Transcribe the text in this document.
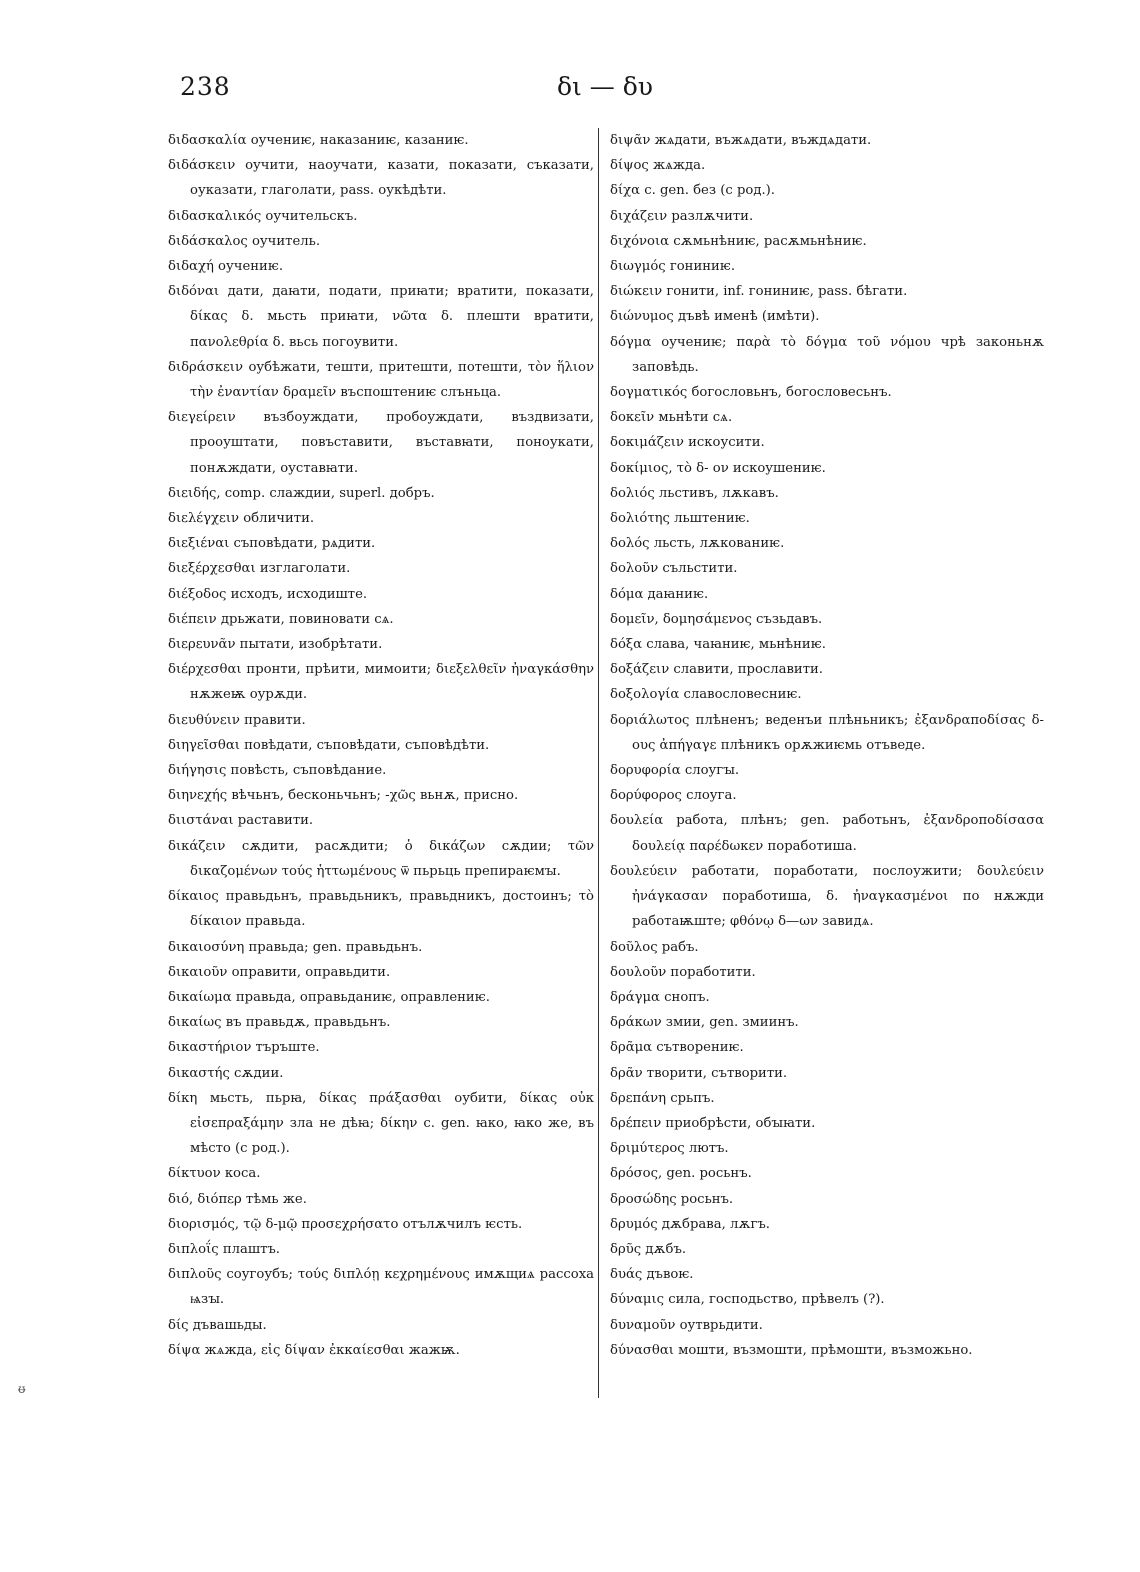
238	δι — δυ
διδασκαλία оучениѥ, наказаниѥ, казаниѥ.
διδάσκειν оучити, наоучати, казати, показати, съказати, оуказати, глаголати, pass. оукѣдѣти.
διδασκαλικός оучительскъ.
διδάσκαλος оучитель.
διδαχή оучениѥ.
διδόναι дати, даꙗти, подати, приꙗти; вратити, показати, δίκας δ. мьсть приꙗти, νῶτα δ. плешти вратити, πανολεθρία δ. вьсь погоувити.
διδράσκειν оубѣжати, тешти, притешти, потешти, τὸν ἥλιον τὴν ἐναντίαν δραμεῖν въспоштениѥ слъньца.
διεγείρειν възбоуждати, пробоуждати, въздвизати, прооуштати, повъставити, въставꙗти, поноукати, понѫждати, оуставꙗти.
διειδής, comp. слаждии, superl. добръ.
διελέγχειν обличити.
διεξιέναι съповѣдати, рѧдити.
διεξέρχεσθαι изглаголати.
διέξοδος исходъ, исходиште.
διέπειν дрьжати, повиновати сѧ.
διερευνᾶν пытати, изобрѣтати.
διέρχεσθαι пронти, прѣити, мимоити; διεξελθεῖν ἠναγκάσθην нѫжеѭ оурѫди.
διευθύνειν правити.
διηγεῖσθαι повѣдати, съповѣдати, съповѣдѣти.
διήγησις повѣсть, съповѣдание.
διηνεχής вѣчьнъ, бесконьчьнъ; -χῶς вьнѫ, присно.
διιστάναι раставити.
δικάζειν сѫдити, расѫдити; ὁ δικάζων сѫдии; τῶν δικαζομένων τούς ἡττωμένους ѿ пьрьць препираѥмꙑ.
δίκαιος правьдьнъ, правьдьникъ, правьдникъ, достоинъ; τὸ δίκαιον правьда.
δικαιοσύνη правьда; gen. правьдьнъ.
δικαιοῦν оправити, оправьдити.
δικαίωμα правьда, оправьданиѥ, оправлениѥ.
δικαίως въ правьдѫ, правьдьнъ.
δικαστήριον търъште.
δικαστής сѫдии.
δίκη мьсть, пьрꙗ, δίκας πράξασθαι оубити, δίκας οὐκ εἰσεπραξάμην зла не дѣꙗ; δίκην c. gen. ꙗко, ꙗко же, въ мѣсто (с род.).
δίκτυον коса.
διό, διόπερ тѣмь же.
διορισμός, τῷ δ-μῷ προσεχρήσατο отълѫчилъ ѥсть.
διπλοΐς плаштъ.
διπλοῦς соугоубъ; τούς διπλόῃ κεχρημένους имѫщиѧ рассоха ѩзꙑ.
δίς дъвашьды.
δίψα жѧжда, εἰς δίψαν ἐκκαίεσθαι жажѭ.
διψᾶν жѧдати, въжѧдати, въждѧдати.
δίψος жѧжда.
δίχα c. gen. без (с род.).
διχάζειν разлѫчити.
διχόνοια сѫмьнѣниѥ, расѫмьнѣниѥ.
διωγμός гониниѥ.
διώκειν гонити, inf. гониниѥ, pass. бѣгати.
διώνυμος дъвѣ именѣ (имѣти).
δόγμα оучениѥ; παρὰ τὸ δόγμα τοῦ νόμου чрѣ законьнѫ заповѣдь.
δογματικός богословьнъ, богословесьнъ.
δοκεῖν мьнѣти сѧ.
δοκιμάζειν искоусити.
δοκίμιος, τὸ δ- ον искоушениѥ.
δολιός льстивъ, лѫкавъ.
δολιότης льштениѥ.
δολός льсть, лѫкованиѥ.
δολοῦν съльстити.
δόμα даꙗниѥ.
δομεῖν, δομησάμενος съзьдавъ.
δόξα слава, чаꙗниѥ, мьнѣниѥ.
δοξάζειν славити, прославити.
δοξολογία славословесниѥ.
δοριάλωτος плѣненъ; веденъи плѣньникъ; ἐξανδραποδίσας δ-ους ἀπήγαγε плѣникъ орѫжиѥмь отъведе.
δορυφορία слоугꙑ.
δορύφορος слоуга.
δουλεία работа, плѣнъ; gen. работьнъ, ἐξανδροποδίσασα δουλείᾳ παρέδωκεν поработиша.
δουλεύειν работати, поработати, послоужити; δουλεύειν ἠνάγκασαν поработиша, δ. ἠναγκασμένοι по нѫжди работаѭште; φθόνῳ δ—ων завидѧ.
δοῦλος рабъ.
δουλοῦν поработити.
δράγμα снопъ.
δράκων змии, gen. змиинъ.
δρᾶμα сътворениѥ.
δρᾶν творити, сътворити.
δρεπάνη срьпъ.
δρέπειν приобрѣсти, обꙑꙗти.
δριμύτερος лютъ.
δρόσος, gen. росьнъ.
δροσώδης росьнъ.
δρυμός дѫбрава, лѫгъ.
δρῦς дѫбъ.
δυάς дъвоѥ.
δύναμις сила, господьство, прѣвелъ (?).
δυναμοῦν оутврьдити.
δύνασθαι мошти, възмошти, прѣмошти, възможьно.
ᵿ
